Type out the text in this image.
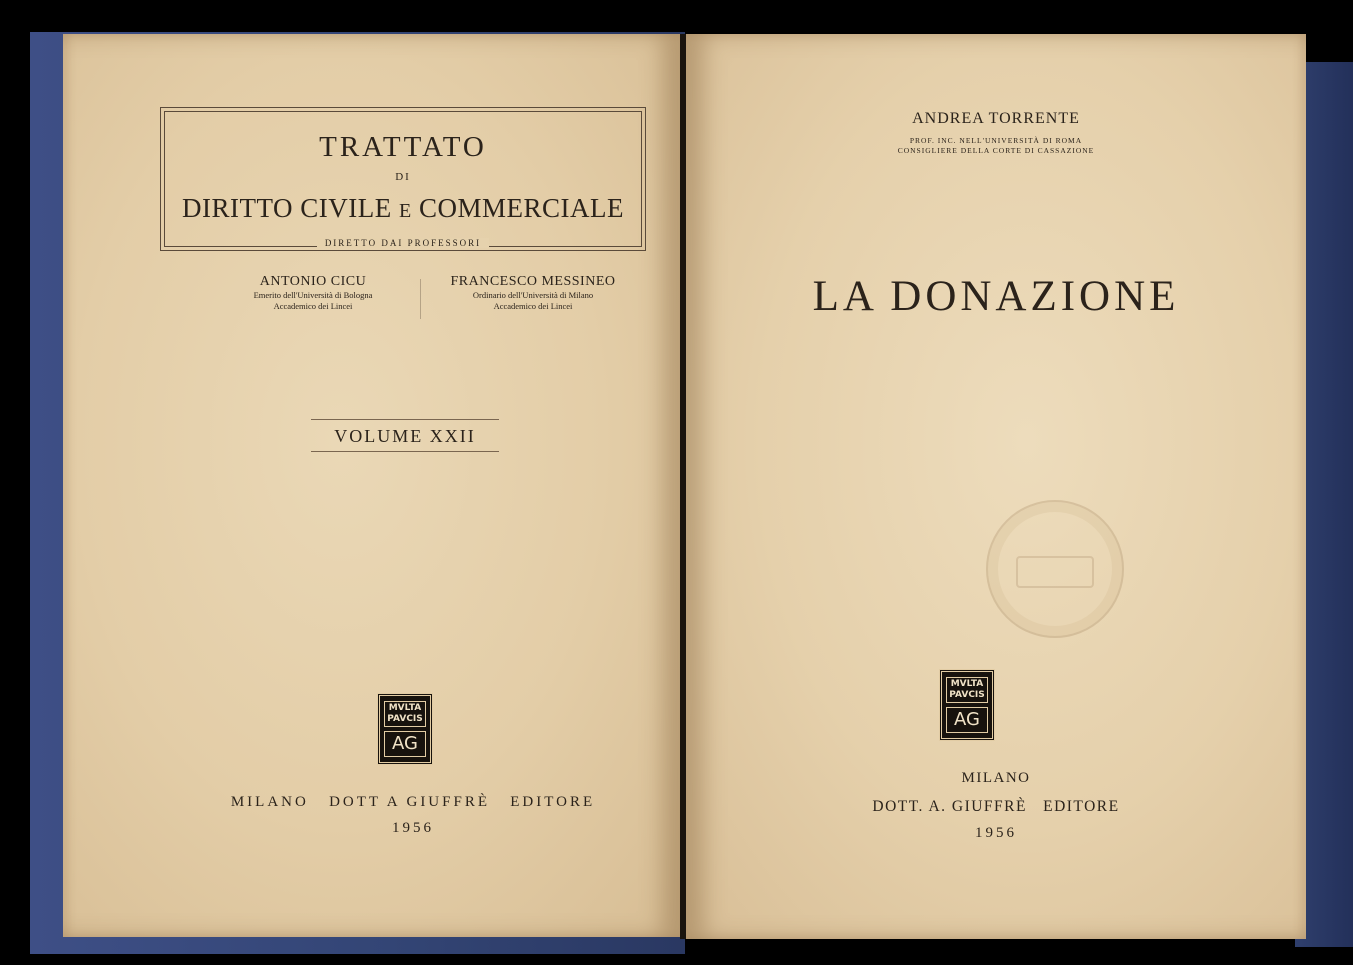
TRATTATO
DI
DIRITTO CIVILE E COMMERCIALE
DIRETTO DAI PROFESSORI
ANTONIO CICU
Emerito dell'Università di Bologna
Accademico dei Lincei
FRANCESCO MESSINEO
Ordinario dell'Università di Milano
Accademico dei Lincei
VOLUME XXII
MVLTA
PAVCIS
AG
MILANO   DOTT A GIUFFRÈ   EDITORE
1956
ANDREA TORRENTE
PROF. INC. NELL'UNIVERSITÀ DI ROMA
CONSIGLIERE DELLA CORTE DI CASSAZIONE
LA DONAZIONE
MVLTA
PAVCIS
AG
MILANO
DOTT. A. GIUFFRÈ   EDITORE
1956
